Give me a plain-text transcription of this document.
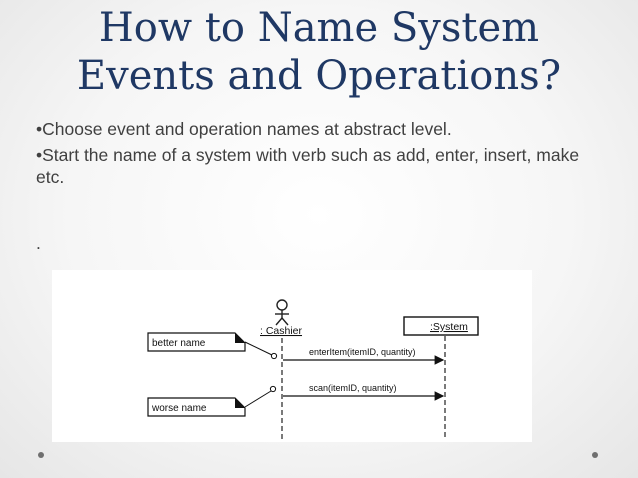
How to Name System
Events and Operations?

•Choose event and operation names at abstract level.

•Start the name of a system with verb such as add, enter, insert, make etc.

.

: Cashier	:System
enterItem(itemID, quantity)
scan(itemID, quantity)
better name
worse name
